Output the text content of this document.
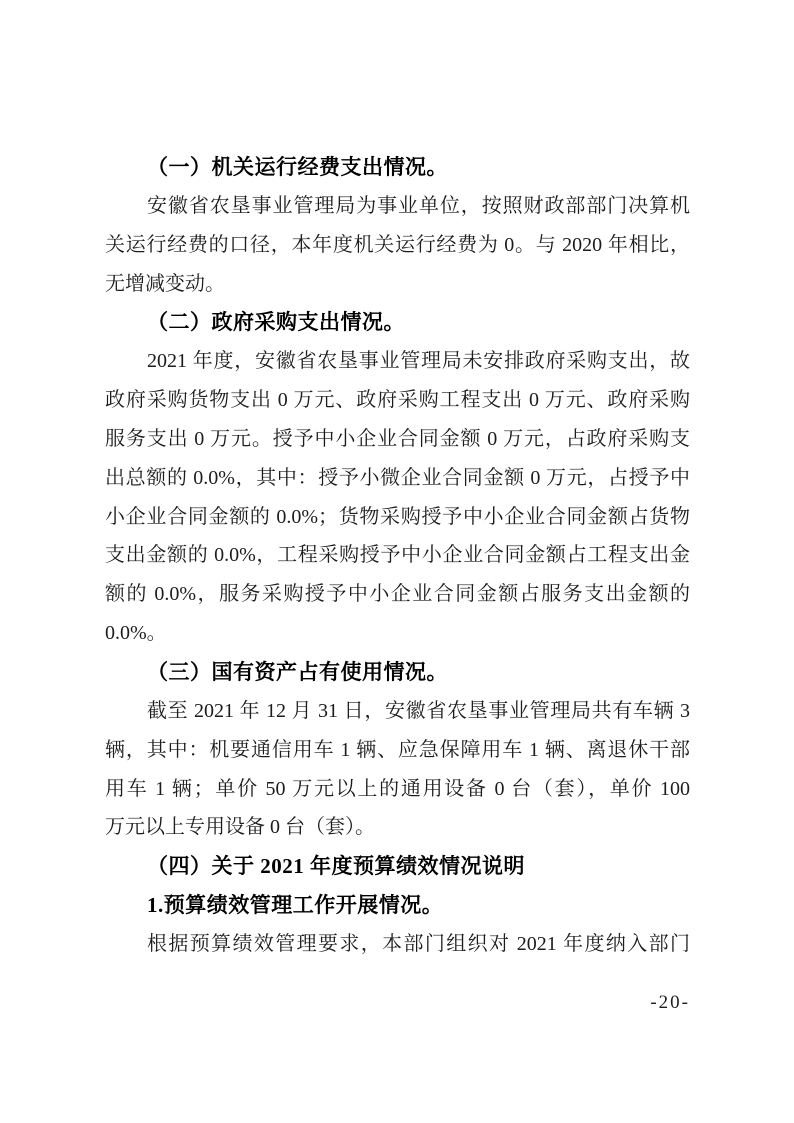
（一）机关运行经费支出情况。
安徽省农垦事业管理局为事业单位，按照财政部部门决算机
关运行经费的口径，本年度机关运行经费为 0。与 2020 年相比，
无增减变动。
（二）政府采购支出情况。
2021 年度，安徽省农垦事业管理局未安排政府采购支出，故
政府采购货物支出 0 万元、政府采购工程支出 0 万元、政府采购
服务支出 0 万元。授予中小企业合同金额 0 万元，占政府采购支
出总额的 0.0%，其中：授予小微企业合同金额 0 万元，占授予中
小企业合同金额的 0.0%；货物采购授予中小企业合同金额占货物
支出金额的 0.0%，工程采购授予中小企业合同金额占工程支出金
额的 0.0%，服务采购授予中小企业合同金额占服务支出金额的
0.0%。
（三）国有资产占有使用情况。
截至 2021 年 12 月 31 日，安徽省农垦事业管理局共有车辆 3
辆，其中：机要通信用车 1 辆、应急保障用车 1 辆、离退休干部
用车 1 辆；单价 50 万元以上的通用设备 0 台（套），单价 100
万元以上专用设备 0 台（套）。
（四）关于 2021 年度预算绩效情况说明
1.预算绩效管理工作开展情况。
根据预算绩效管理要求，本部门组织对 2021 年度纳入部门
-20-
